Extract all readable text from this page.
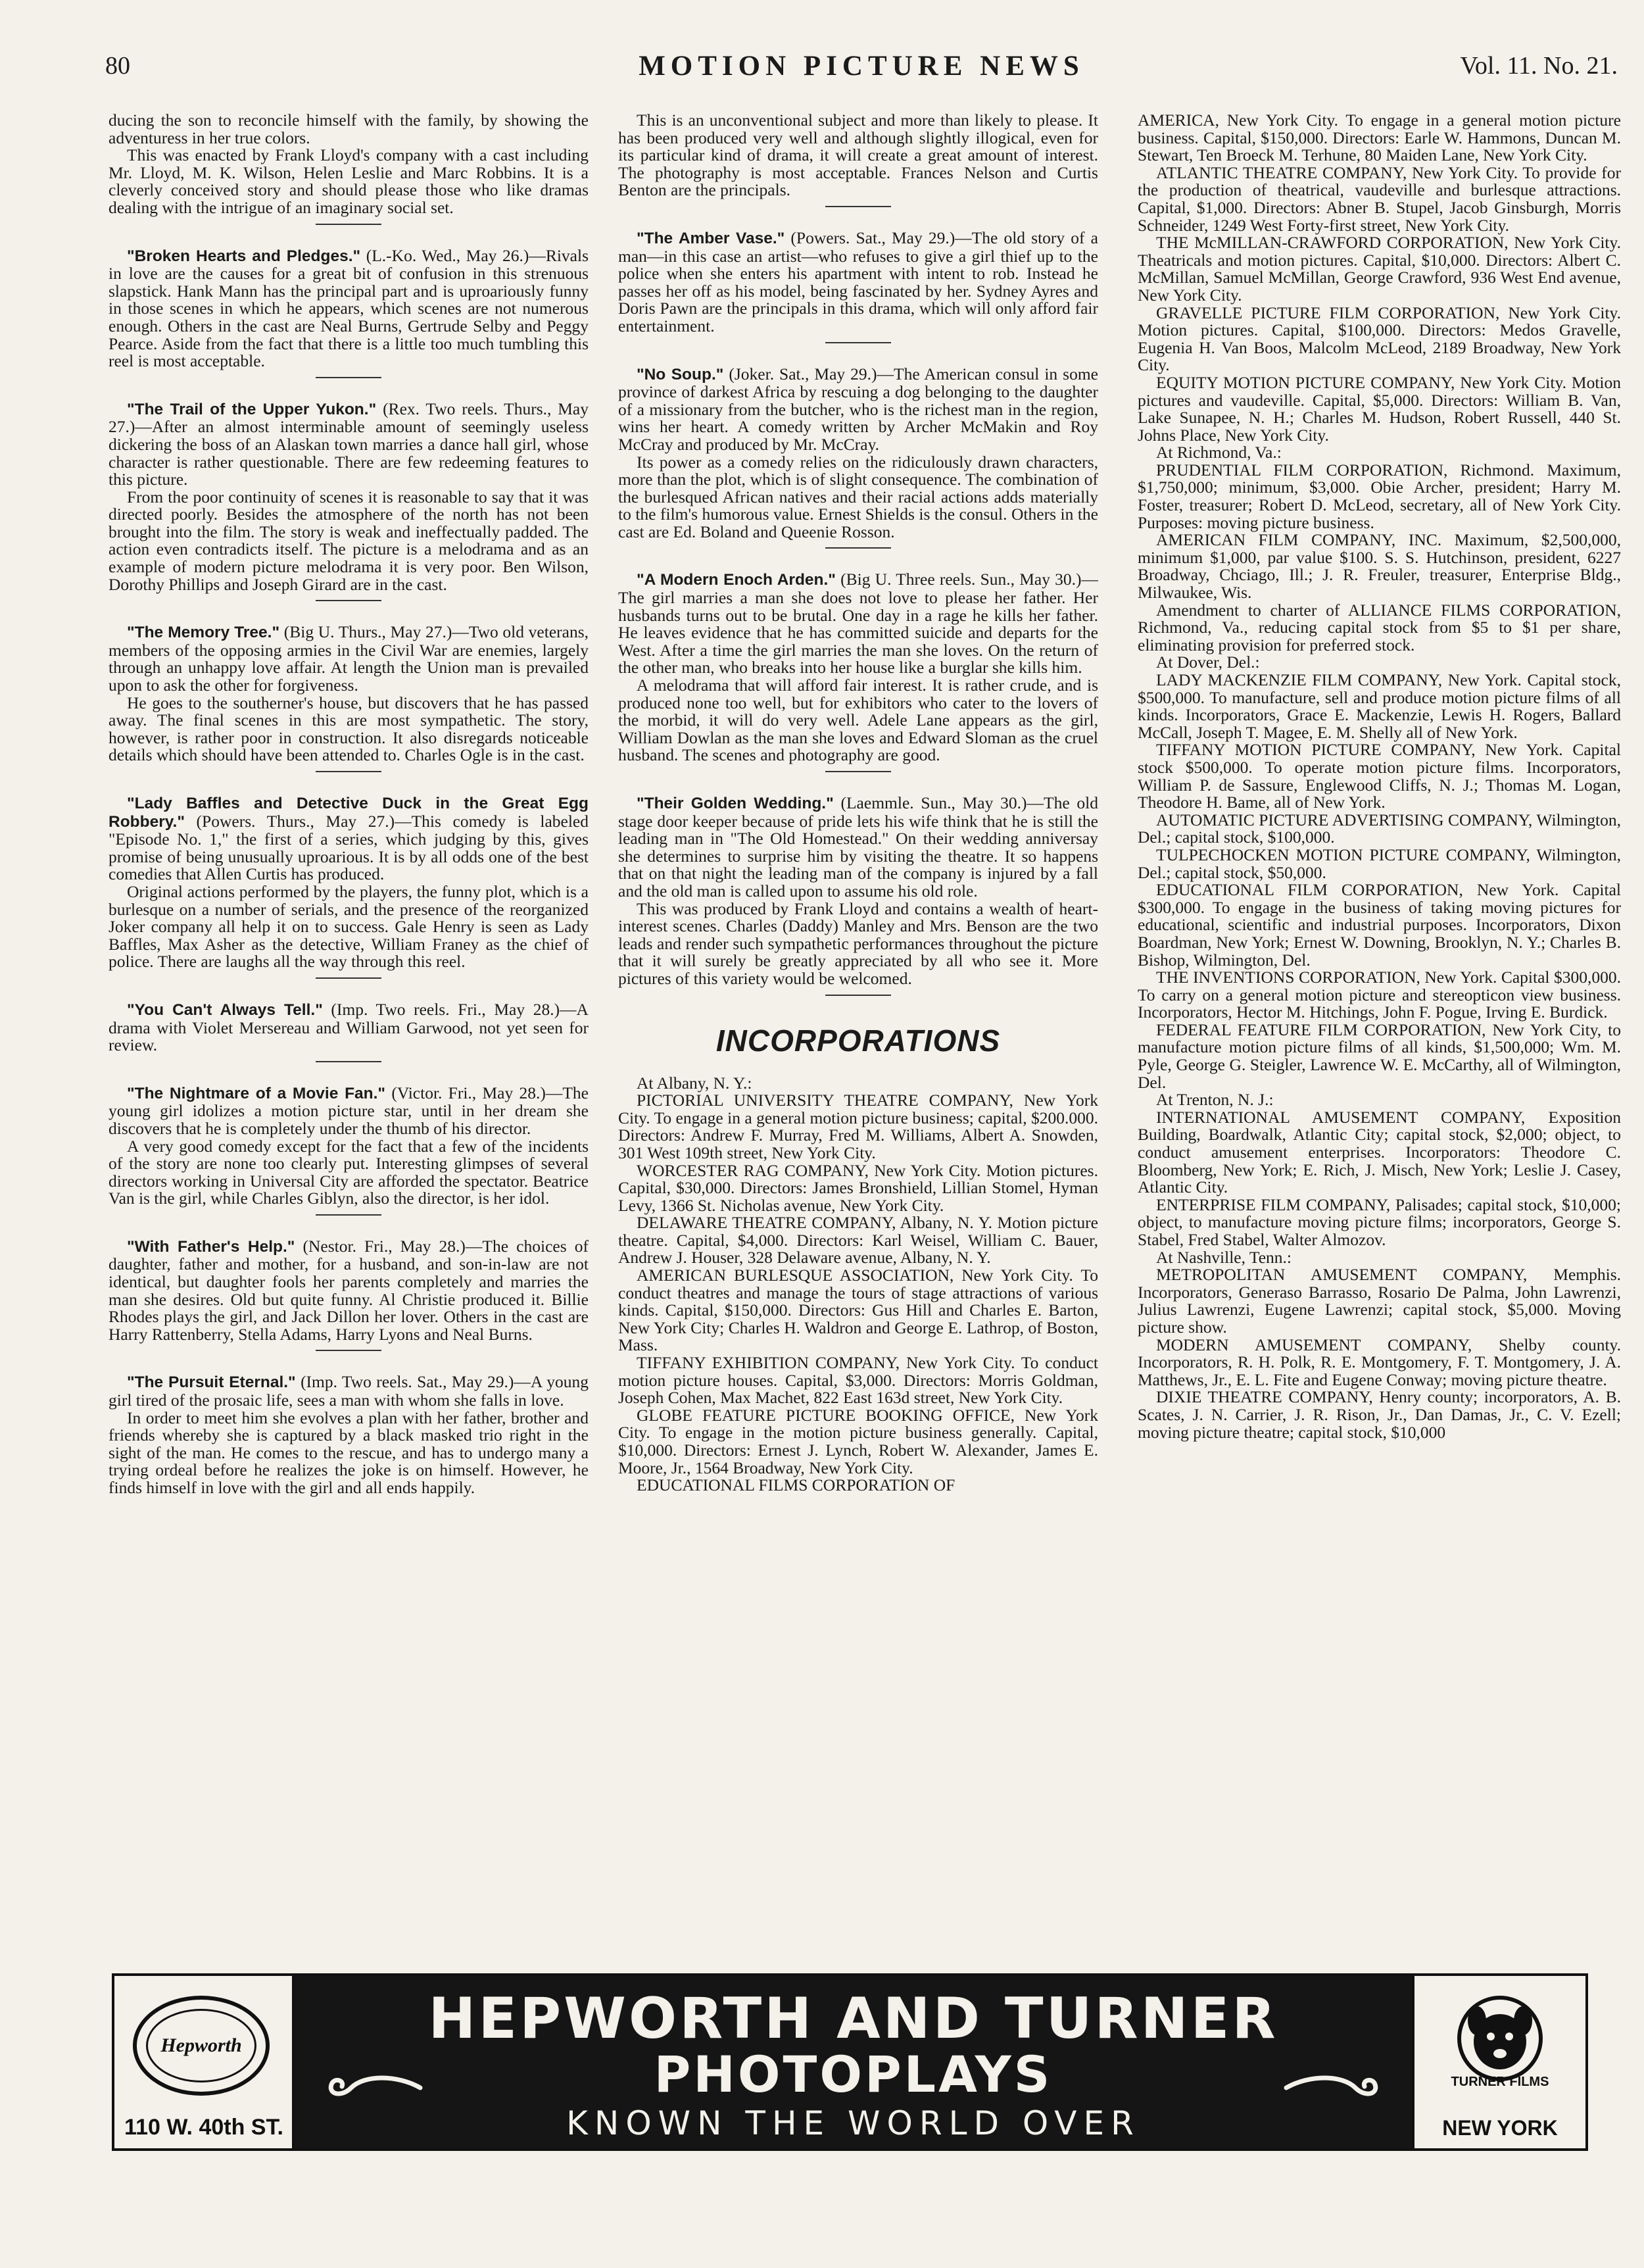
80	MOTION PICTURE NEWS	Vol. 11. No. 21.

ducing the son to reconcile himself with the family, by showing the adventuress in her true colors.

This was enacted by Frank Lloyd's company with a cast including Mr. Lloyd, M. K. Wilson, Helen Leslie and Marc Robbins. It is a cleverly conceived story and should please those who like dramas dealing with the intrigue of an imaginary social set.

"Broken Hearts and Pledges." (L.-Ko. Wed., May 26.)—Rivals in love are the causes for a great bit of confusion in this strenuous slapstick. Hank Mann has the principal part and is uproariously funny in those scenes in which he appears, which scenes are not numerous enough. Others in the cast are Neal Burns, Gertrude Selby and Peggy Pearce. Aside from the fact that there is a little too much tumbling this reel is most acceptable.

"The Trail of the Upper Yukon." (Rex. Two reels. Thurs., May 27.)—After an almost interminable amount of seemingly useless dickering the boss of an Alaskan town marries a dance hall girl, whose character is rather questionable. There are few redeeming features to this picture.

From the poor continuity of scenes it is reasonable to say that it was directed poorly. Besides the atmosphere of the north has not been brought into the film. The story is weak and ineffectually padded. The action even contradicts itself. The picture is a melodrama and as an example of modern picture melodrama it is very poor. Ben Wilson, Dorothy Phillips and Joseph Girard are in the cast.

"The Memory Tree." (Big U. Thurs., May 27.)—Two old veterans, members of the opposing armies in the Civil War are enemies, largely through an unhappy love affair. At length the Union man is prevailed upon to ask the other for forgiveness.

He goes to the southerner's house, but discovers that he has passed away. The final scenes in this are most sympathetic. The story, however, is rather poor in construction. It also disregards noticeable details which should have been attended to. Charles Ogle is in the cast.

"Lady Baffles and Detective Duck in the Great Egg Robbery." (Powers. Thurs., May 27.)—This comedy is labeled "Episode No. 1," the first of a series, which judging by this, gives promise of being unusually uproarious. It is by all odds one of the best comedies that Allen Curtis has produced.

Original actions performed by the players, the funny plot, which is a burlesque on a number of serials, and the presence of the reorganized Joker company all help it on to success. Gale Henry is seen as Lady Baffles, Max Asher as the detective, William Franey as the chief of police. There are laughs all the way through this reel.

"You Can't Always Tell." (Imp. Two reels. Fri., May 28.)—A drama with Violet Mersereau and William Garwood, not yet seen for review.

"The Nightmare of a Movie Fan." (Victor. Fri., May 28.)—The young girl idolizes a motion picture star, until in her dream she discovers that he is completely under the thumb of his director.

A very good comedy except for the fact that a few of the incidents of the story are none too clearly put. Interesting glimpses of several directors working in Universal City are afforded the spectator. Beatrice Van is the girl, while Charles Giblyn, also the director, is her idol.

"With Father's Help." (Nestor. Fri., May 28.)—The choices of daughter, father and mother, for a husband, and son-in-law are not identical, but daughter fools her parents completely and marries the man she desires. Old but quite funny. Al Christie produced it. Billie Rhodes plays the girl, and Jack Dillon her lover. Others in the cast are Harry Rattenberry, Stella Adams, Harry Lyons and Neal Burns.

"The Pursuit Eternal." (Imp. Two reels. Sat., May 29.)—A young girl tired of the prosaic life, sees a man with whom she falls in love.

In order to meet him she evolves a plan with her father, brother and friends whereby she is captured by a black masked trio right in the sight of the man. He comes to the rescue, and has to undergo many a trying ordeal before he realizes the joke is on himself. However, he finds himself in love with the girl and all ends happily.

This is an unconventional subject and more than likely to please. It has been produced very well and although slightly illogical, even for its particular kind of drama, it will create a great amount of interest. The photography is most acceptable. Frances Nelson and Curtis Benton are the principals.

"The Amber Vase." (Powers. Sat., May 29.)—The old story of a man—in this case an artist—who refuses to give a girl thief up to the police when she enters his apartment with intent to rob. Instead he passes her off as his model, being fascinated by her. Sydney Ayres and Doris Pawn are the principals in this drama, which will only afford fair entertainment.

"No Soup." (Joker. Sat., May 29.)—The American consul in some province of darkest Africa by rescuing a dog belonging to the daughter of a missionary from the butcher, who is the richest man in the region, wins her heart. A comedy written by Archer McMakin and Roy McCray and produced by Mr. McCray.

Its power as a comedy relies on the ridiculously drawn characters, more than the plot, which is of slight consequence. The combination of the burlesqued African natives and their racial actions adds materially to the film's humorous value. Ernest Shields is the consul. Others in the cast are Ed. Boland and Queenie Rosson.

"A Modern Enoch Arden." (Big U. Three reels. Sun., May 30.)—The girl marries a man she does not love to please her father. Her husbands turns out to be brutal. One day in a rage he kills her father. He leaves evidence that he has committed suicide and departs for the West. After a time the girl marries the man she loves. On the return of the other man, who breaks into her house like a burglar she kills him.

A melodrama that will afford fair interest. It is rather crude, and is produced none too well, but for exhibitors who cater to the lovers of the morbid, it will do very well. Adele Lane appears as the girl, William Dowlan as the man she loves and Edward Sloman as the cruel husband. The scenes and photography are good.

"Their Golden Wedding." (Laemmle. Sun., May 30.)—The old stage door keeper because of pride lets his wife think that he is still the leading man in "The Old Homestead." On their wedding anniversay she determines to surprise him by visiting the theatre. It so happens that on that night the leading man of the company is injured by a fall and the old man is called upon to assume his old role.

This was produced by Frank Lloyd and contains a wealth of heart-interest scenes. Charles (Daddy) Manley and Mrs. Benson are the two leads and render such sympathetic performances throughout the picture that it will surely be greatly appreciated by all who see it. More pictures of this variety would be welcomed.

INCORPORATIONS

At Albany, N. Y.:

PICTORIAL UNIVERSITY THEATRE COMPANY, New York City. To engage in a general motion picture business; capital, $200.000. Directors: Andrew F. Murray, Fred M. Williams, Albert A. Snowden, 301 West 109th street, New York City.

WORCESTER RAG COMPANY, New York City. Motion pictures. Capital, $30,000. Directors: James Bronshield, Lillian Stomel, Hyman Levy, 1366 St. Nicholas avenue, New York City.

DELAWARE THEATRE COMPANY, Albany, N. Y. Motion picture theatre. Capital, $4,000. Directors: Karl Weisel, William C. Bauer, Andrew J. Houser, 328 Delaware avenue, Albany, N. Y.

AMERICAN BURLESQUE ASSOCIATION, New York City. To conduct theatres and manage the tours of stage attractions of various kinds. Capital, $150,000. Directors: Gus Hill and Charles E. Barton, New York City; Charles H. Waldron and George E. Lathrop, of Boston, Mass.

TIFFANY EXHIBITION COMPANY, New York City. To conduct motion picture houses. Capital, $3,000. Directors: Morris Goldman, Joseph Cohen, Max Machet, 822 East 163d street, New York City.

GLOBE FEATURE PICTURE BOOKING OFFICE, New York City. To engage in the motion picture business generally. Capital, $10,000. Directors: Ernest J. Lynch, Robert W. Alexander, James E. Moore, Jr., 1564 Broadway, New York City.

EDUCATIONAL FILMS CORPORATION OF

AMERICA, New York City. To engage in a general motion picture business. Capital, $150,000. Directors: Earle W. Hammons, Duncan M. Stewart, Ten Broeck M. Terhune, 80 Maiden Lane, New York City.

ATLANTIC THEATRE COMPANY, New York City. To provide for the production of theatrical, vaudeville and burlesque attractions. Capital, $1,000. Directors: Abner B. Stupel, Jacob Ginsburgh, Morris Schneider, 1249 West Forty-first street, New York City.

THE McMILLAN-CRAWFORD CORPORATION, New York City. Theatricals and motion pictures. Capital, $10,000. Directors: Albert C. McMillan, Samuel McMillan, George Crawford, 936 West End avenue, New York City.

GRAVELLE PICTURE FILM CORPORATION, New York City. Motion pictures. Capital, $100,000. Directors: Medos Gravelle, Eugenia H. Van Boos, Malcolm McLeod, 2189 Broadway, New York City.

EQUITY MOTION PICTURE COMPANY, New York City. Motion pictures and vaudeville. Capital, $5,000. Directors: William B. Van, Lake Sunapee, N. H.; Charles M. Hudson, Robert Russell, 440 St. Johns Place, New York City.

At Richmond, Va.:

PRUDENTIAL FILM CORPORATION, Richmond. Maximum, $1,750,000; minimum, $3,000. Obie Archer, president; Harry M. Foster, treasurer; Robert D. McLeod, secretary, all of New York City. Purposes: moving picture business.

AMERICAN FILM COMPANY, INC. Maximum, $2,500,000, minimum $1,000, par value $100. S. S. Hutchinson, president, 6227 Broadway, Chciago, Ill.; J. R. Freuler, treasurer, Enterprise Bldg., Milwaukee, Wis.

Amendment to charter of ALLIANCE FILMS CORPORATION, Richmond, Va., reducing capital stock from $5 to $1 per share, eliminating provision for preferred stock.

At Dover, Del.:

LADY MACKENZIE FILM COMPANY, New York. Capital stock, $500,000. To manufacture, sell and produce motion picture films of all kinds. Incorporators, Grace E. Mackenzie, Lewis H. Rogers, Ballard McCall, Joseph T. Magee, E. M. Shelly all of New York.

TIFFANY MOTION PICTURE COMPANY, New York. Capital stock $500,000. To operate motion picture films. Incorporators, William P. de Sassure, Englewood Cliffs, N. J.; Thomas M. Logan, Theodore H. Bame, all of New York.

AUTOMATIC PICTURE ADVERTISING COMPANY, Wilmington, Del.; capital stock, $100,000.

TULPECHOCKEN MOTION PICTURE COMPANY, Wilmington, Del.; capital stock, $50,000.

EDUCATIONAL FILM CORPORATION, New York. Capital $300,000. To engage in the business of taking moving pictures for educational, scientific and industrial purposes. Incorporators, Dixon Boardman, New York; Ernest W. Downing, Brooklyn, N. Y.; Charles B. Bishop, Wilmington, Del.

THE INVENTIONS CORPORATION, New York. Capital $300,000. To carry on a general motion picture and stereopticon view business. Incorporators, Hector M. Hitchings, John F. Pogue, Irving E. Burdick.

FEDERAL FEATURE FILM CORPORATION, New York City, to manufacture motion picture films of all kinds, $1,500,000; Wm. M. Pyle, George G. Steigler, Lawrence W. E. McCarthy, all of Wilmington, Del.

At Trenton, N. J.:

INTERNATIONAL AMUSEMENT COMPANY, Exposition Building, Boardwalk, Atlantic City; capital stock, $2,000; object, to conduct amusement enterprises. Incorporators: Theodore C. Bloomberg, New York; E. Rich, J. Misch, New York; Leslie J. Casey, Atlantic City.

ENTERPRISE FILM COMPANY, Palisades; capital stock, $10,000; object, to manufacture moving picture films; incorporators, George S. Stabel, Fred Stabel, Walter Almozov.

At Nashville, Tenn.:

METROPOLITAN AMUSEMENT COMPANY, Memphis. Incorporators, Generaso Barrasso, Rosario De Palma, John Lawrenzi, Julius Lawrenzi, Eugene Lawrenzi; capital stock, $5,000. Moving picture show.

MODERN AMUSEMENT COMPANY, Shelby county. Incorporators, R. H. Polk, R. E. Montgomery, F. T. Montgomery, J. A. Matthews, Jr., E. L. Fite and Eugene Conway; moving picture theatre.

DIXIE THEATRE COMPANY, Henry county; incorporators, A. B. Scates, J. N. Carrier, J. R. Rison, Jr., Dan Damas, Jr., C. V. Ezell; moving picture theatre; capital stock, $10,000

Hepworth
110 W. 40th ST.
HEPWORTH AND TURNER
PHOTOPLAYS
KNOWN THE WORLD OVER
TURNER FILMS
NEW YORK
